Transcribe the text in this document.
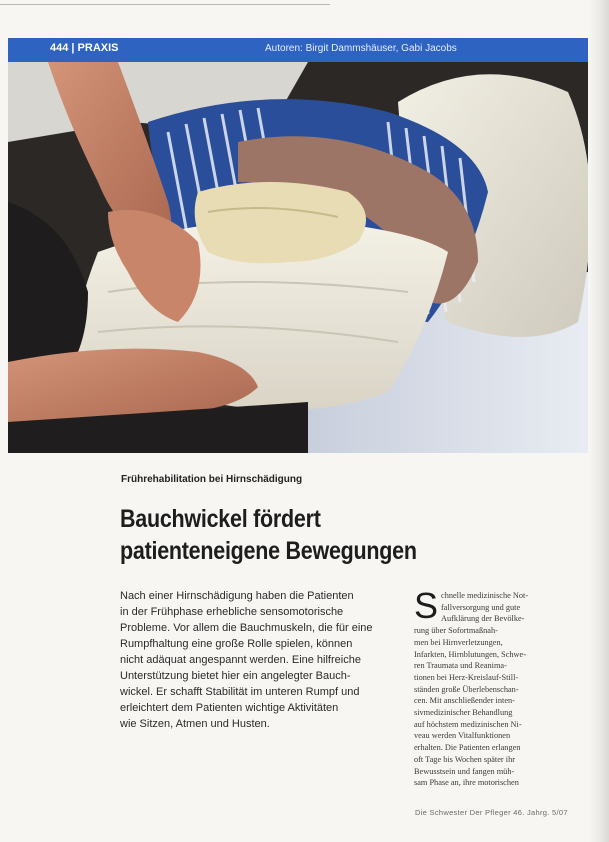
444 | PRAXIS	Autoren: Birgit Dammshäuser, Gabi Jacobs
Frührehabilitation bei Hirnschädigung
Bauchwickel fördert
patienteneigene Bewegungen
Nach einer Hirnschädigung haben die Patienten
in der Frühphase erhebliche sensomotorische
Probleme. Vor allem die Bauchmuskeln, die für eine
Rumpfhaltung eine große Rolle spielen, können
nicht adäquat angespannt werden. Eine hilfreiche
Unterstützung bietet hier ein angelegter Bauch-
wickel. Er schafft Stabilität im unteren Rumpf und
erleichtert dem Patienten wichtige Aktivitäten
wie Sitzen, Atmen und Husten.
S chnelle medizinische Not-
fallversorgung und gute
Aufklärung der Bevölke-
rung über Sofortmaßnah-
men bei Hirnverletzungen,
Infarkten, Hirnblutungen, Schwe-
ren Traumata und Reanima-
tionen bei Herz-Kreislauf-Still-
ständen große Überlebenschan-
cen. Mit anschließender inten-
sivmedizinischer Behandlung
auf höchstem medizinischen Ni-
veau werden Vitalfunktionen
erhalten. Die Patienten erlangen
oft Tage bis Wochen später ihr
Bewusstsein und fangen müh-
sam Phase an, ihre motorischen
Die Schwester Der Pfleger 46. Jahrg. 5/07
